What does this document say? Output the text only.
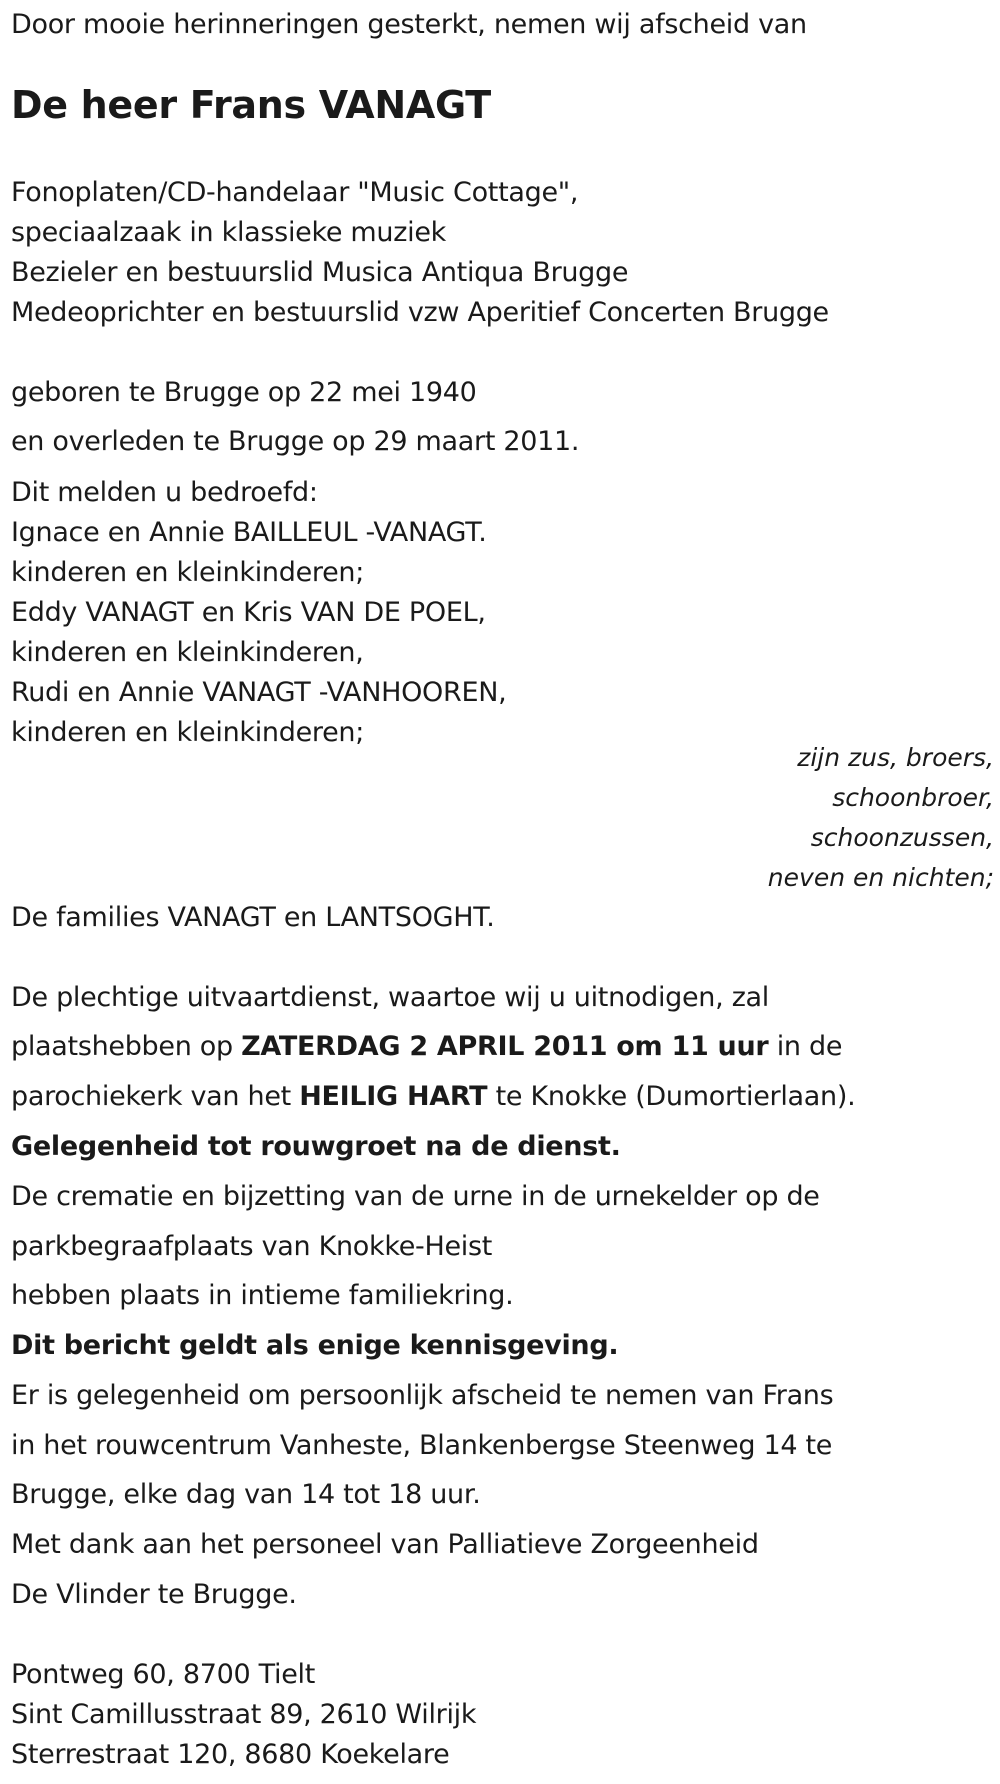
Door mooie herinneringen gesterkt, nemen wij afscheid van
De heer Frans VANAGT
Fonoplaten/CD-handelaar "Music Cottage",
speciaalzaak in klassieke muziek
Bezieler en bestuurslid Musica Antiqua Brugge
Medeoprichter en bestuurslid vzw Aperitief Concerten Brugge
geboren te Brugge op 22 mei 1940
en overleden te Brugge op 29 maart 2011.
Dit melden u bedroefd:
Ignace en Annie BAILLEUL -VANAGT.
kinderen en kleinkinderen;
Eddy VANAGT en Kris VAN DE POEL,
kinderen en kleinkinderen,
Rudi en Annie VANAGT -VANHOOREN,
kinderen en kleinkinderen;
zijn zus, broers,
schoonbroer,
schoonzussen,
neven en nichten;
De families VANAGT en LANTSOGHT.
De plechtige uitvaartdienst, waartoe wij u uitnodigen, zal
plaatshebben op ZATERDAG 2 APRIL 2011 om 11 uur in de
parochiekerk van het HEILIG HART te Knokke (Dumortierlaan).
Gelegenheid tot rouwgroet na de dienst.
De crematie en bijzetting van de urne in de urnekelder op de
parkbegraafplaats van Knokke-Heist
hebben plaats in intieme familiekring.
Dit bericht geldt als enige kennisgeving.
Er is gelegenheid om persoonlijk afscheid te nemen van Frans
in het rouwcentrum Vanheste, Blankenbergse Steenweg 14 te
Brugge, elke dag van 14 tot 18 uur.
Met dank aan het personeel van Palliatieve Zorgeenheid
De Vlinder te Brugge.
Pontweg 60, 8700 Tielt
Sint Camillusstraat 89, 2610 Wilrijk
Sterrestraat 120, 8680 Koekelare
